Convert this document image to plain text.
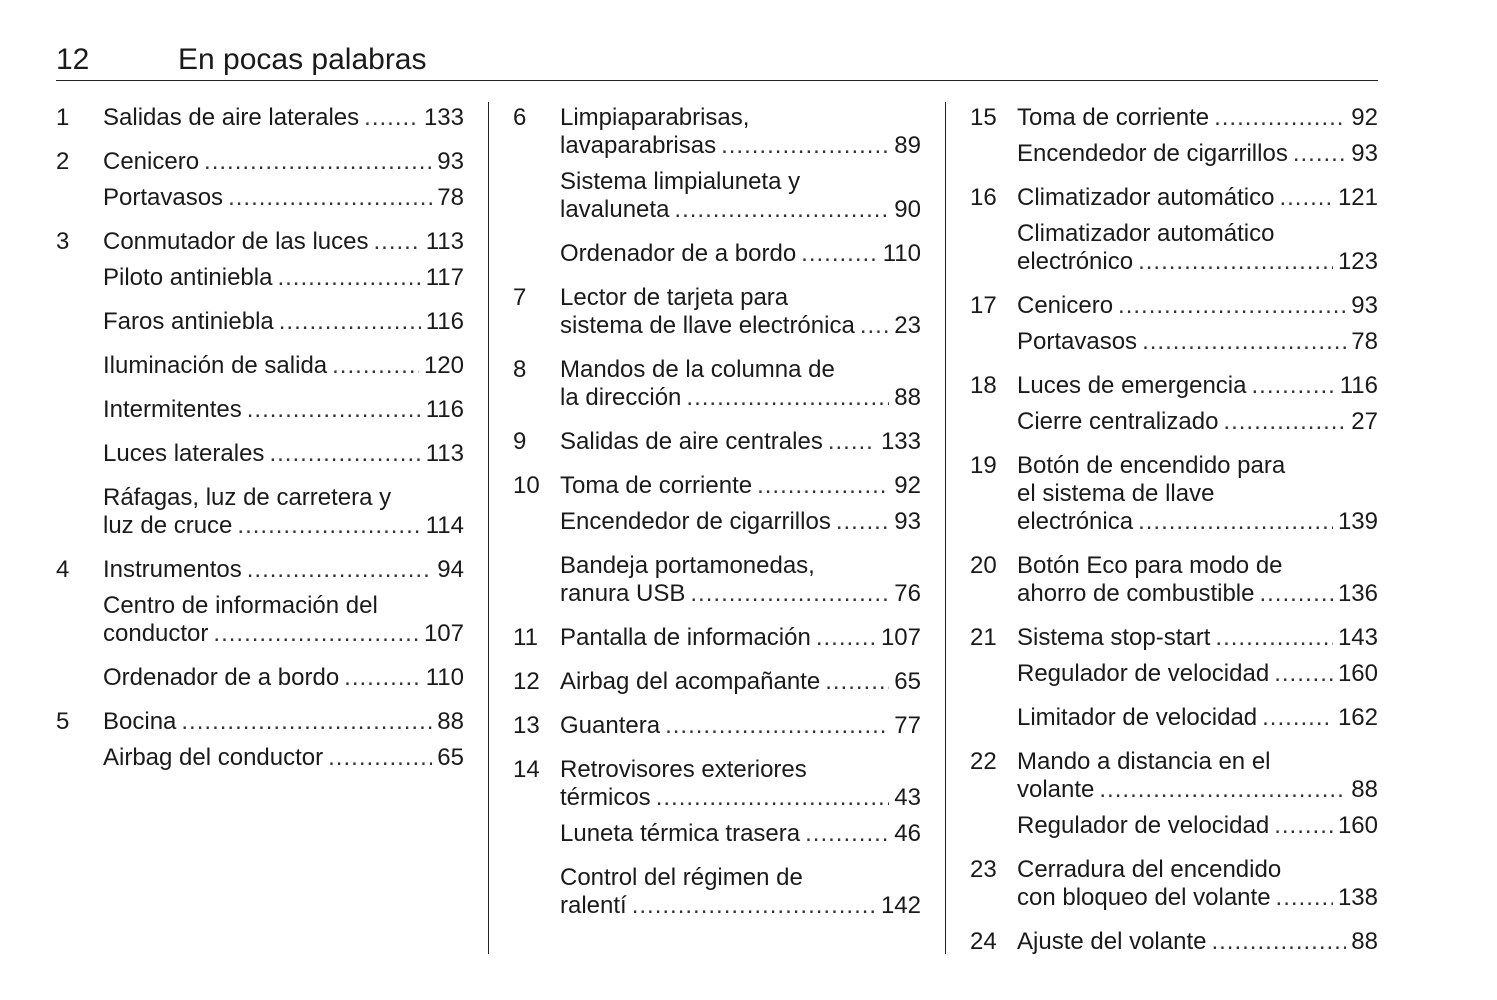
12	En pocas palabras
1 Salidas de aire laterales .....	133
2 Cenicero .....	93
Portavasos .....	78
3 Conmutador de las luces ..... 113
Piloto antiniebla .....	117
Faros antiniebla .....	116
Iluminación de salida .....	120
Intermitentes .....	116
Luces laterales .....	113
Ráfagas, luz de carretera y
luz de cruce .....	114
4 Instrumentos .....	94
Centro de información del
conductor .....	107
Ordenador de a bordo .....	110
5 Bocina .....	88
Airbag del conductor .....	65
6 Limpiaparabrisas,
lavaparabrisas .....	89
Sistema limpialuneta y
lavaluneta .....	90
Ordenador de a bordo .....	110
7 Lector de tarjeta para
sistema de llave electrónica ..... 23
8 Mandos de la columna de
la dirección .....	88
9 Salidas de aire centrales ..... 133
10 Toma de corriente .....	92
Encendedor de cigarrillos .....	93
Bandeja portamonedas,
ranura USB .....	76
11 Pantalla de información .....	107
12 Airbag del acompañante .....	65
13 Guantera .....	77
14 Retrovisores exteriores
térmicos .....	43
Luneta térmica trasera .....	46
Control del régimen de
ralentí .....	142
15 Toma de corriente .....	92
Encendedor de cigarrillos .....	93
16 Climatizador automático .....	121
Climatizador automático
electrónico .....	123
17 Cenicero .....	93
Portavasos .....	78
18 Luces de emergencia .....	116
Cierre centralizado .....	27
19 Botón de encendido para
el sistema de llave
electrónica .....	139
20 Botón Eco para modo de
ahorro de combustible .....	136
21 Sistema stop-start .....	143
Regulador de velocidad .....	160
Limitador de velocidad .....	162
22 Mando a distancia en el
volante .....	88
Regulador de velocidad .....	160
23 Cerradura del encendido
con bloqueo del volante .....	138
24 Ajuste del volante .....	88
